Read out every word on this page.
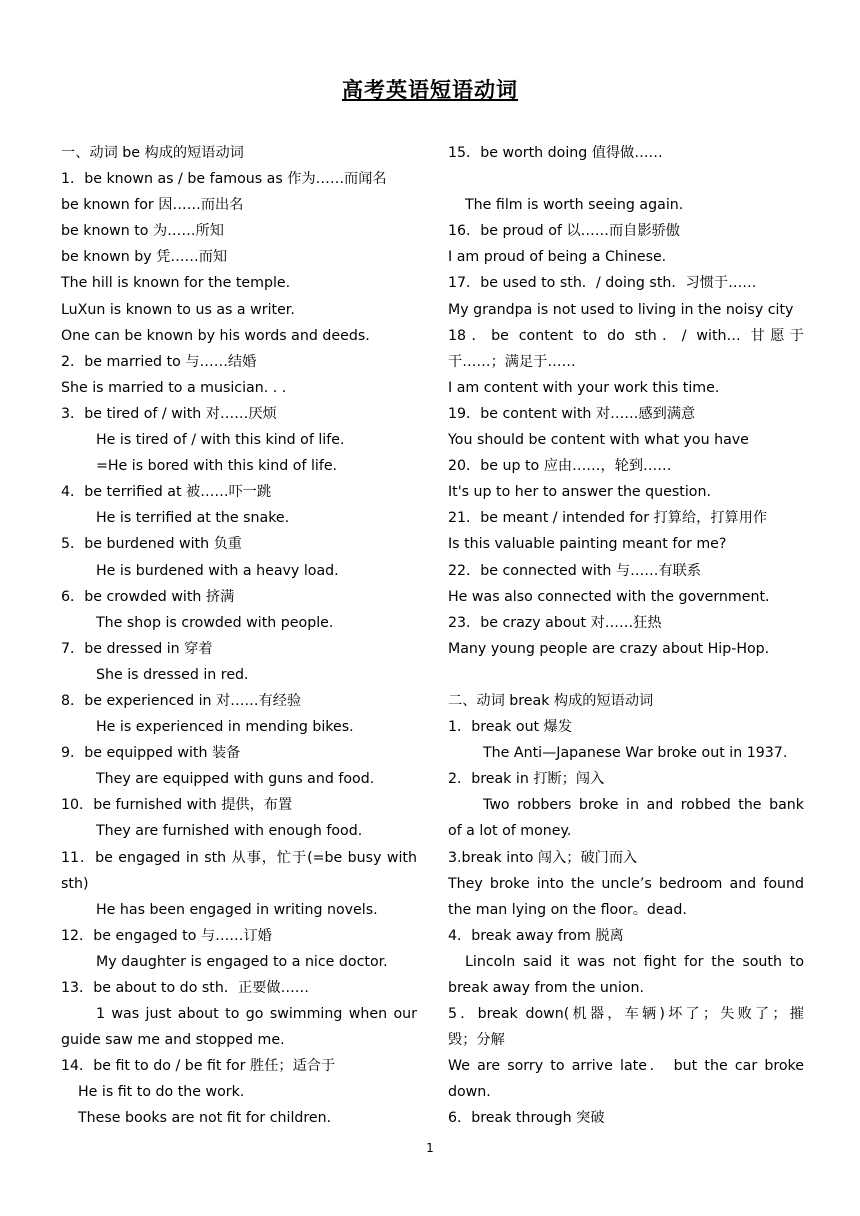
高考英语短语动词
一、动词 be 构成的短语动词
1．be known as / be famous as 作为……而闻名
be known for 因……而出名
be known to 为……所知
be known by 凭……而知
The hill is known for the temple.
LuXun is known to us as a writer.
One can be known by his words and deeds.
2．be married to 与……结婚
She is married to a musician. . .
3．be tired of / with 对……厌烦
He is tired of / with this kind of life.
=He is bored with this kind of life.
4．be terrified at 被……吓一跳
He is terrified at the snake.
5．be burdened with 负重
He is burdened with a heavy load.
6．be crowded with 挤满
The shop is crowded with people.
7．be dressed in 穿着
She is dressed in red.
8．be experienced in 对……有经验
He is experienced in mending bikes.
9．be equipped with 装备
They are equipped with guns and food.
10．be furnished with 提供，布置
They are furnished with enough food.
11．be engaged in sth 从事，忙于(=be busy with
sth)
He has been engaged in writing novels.
12．be engaged to 与……订婚
My daughter is engaged to a nice doctor.
13．be about to do sth．正要做……
1 was just about to go swimming when our
guide saw me and stopped me.
14．be fit to do / be fit for 胜任；适合于
He is fit to do the work.
These books are not fit for children.
15．be worth doing 值得做……
The film is worth seeing again.
16．be proud of 以……而自影骄傲
I am proud of being a Chinese.
17．be used to sth．/ doing sth．习惯于……
My grandpa is not used to living in the noisy city
18．be content to do sth．/ with… 甘愿于
干……；满足于……
I am content with your work this time.
19．be content with 对……感到满意
You should be content with what you have
20．be up to 应由……，轮到……
It's up to her to answer the question.
21．be meant / intended for 打算给，打算用作
Is this valuable painting meant for me?
22．be connected with 与……有联系
He was also connected with the government.
23．be crazy about 对……狂热
Many young people are crazy about Hip-Hop.
二、动词 break 构成的短语动词
1．break out 爆发
The Anti—Japanese War broke out in 1937.
2．break in 打断；闯入
Two robbers broke in and robbed the bank
of a lot of money.
3.break into 闯入；破门而入
They broke into the uncle’s bedroom and found
the man lying on the floor。dead.
4．break away from 脱离
Lincoln said it was not fight for the south to
break away from the union.
5．break down(机器，车辆)坏了；失败了；摧
毁；分解
We are sorry to arrive late． but the car broke
down.
6．break through 突破
1
